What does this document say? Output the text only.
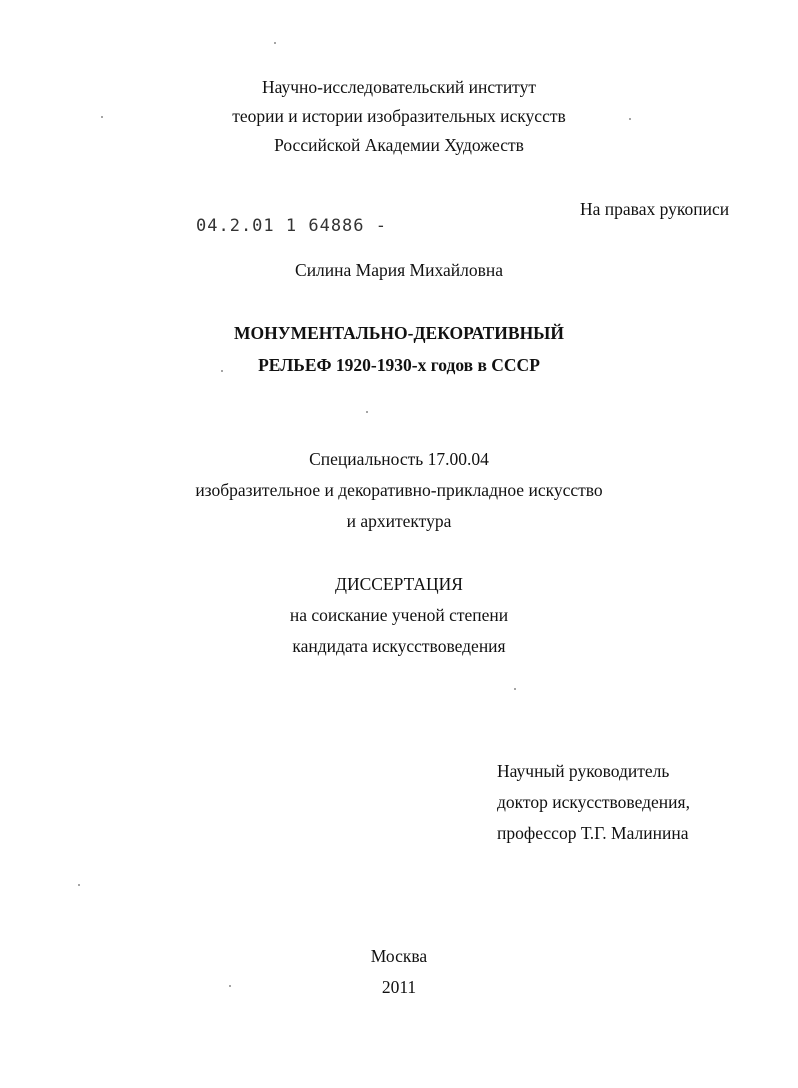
Научно-исследовательский институт
теории и истории изобразительных искусств
Российской Академии Художеств
На правах рукописи
04.2.01 1 64886 -
Силина Мария Михайловна
МОНУМЕНТАЛЬНО-ДЕКОРАТИВНЫЙ
РЕЛЬЕФ 1920-1930-х годов в СССР
Специальность 17.00.04
изобразительное и декоративно-прикладное искусство
и архитектура
ДИССЕРТАЦИЯ
на соискание ученой степени
кандидата искусствоведения
Научный руководитель
доктор искусствоведения,
профессор Т.Г. Малинина
Москва
2011
